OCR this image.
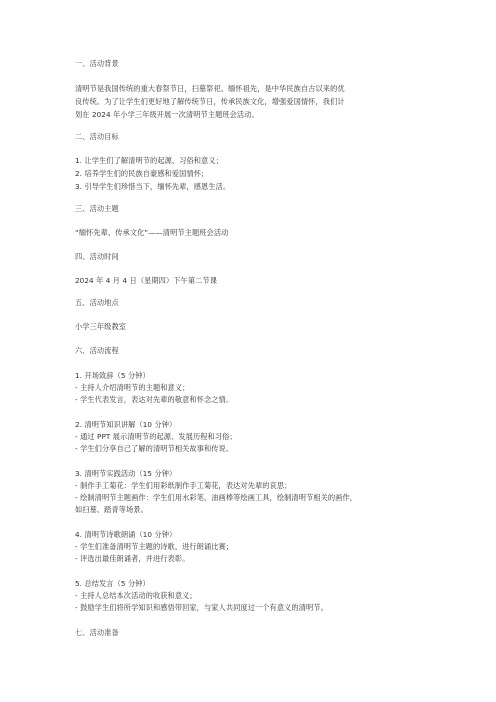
一、活动背景
清明节是我国传统的重大春祭节日，扫墓祭祀、缅怀祖先，是中华民族自古以来的优
良传统。为了让学生们更好地了解传统节日，传承民族文化，增强爱国情怀，我们计
划在 2024 年小学三年级开展一次清明节主题班会活动。
二、活动目标
1. 让学生们了解清明节的起源、习俗和意义；
2. 培养学生们的民族自豪感和爱国情怀；
3. 引导学生们珍惜当下，缅怀先辈，感恩生活。
三、活动主题
“缅怀先辈，传承文化”——清明节主题班会活动
四、活动时间
2024 年 4 月 4 日（星期四）下午第二节课
五、活动地点
小学三年级教室
六、活动流程
1. 开场致辞（5 分钟）
- 主持人介绍清明节的主题和意义；
- 学生代表发言，表达对先辈的敬意和怀念之情。
2. 清明节知识讲解（10 分钟）
- 通过 PPT 展示清明节的起源、发展历程和习俗；
- 学生们分享自己了解的清明节相关故事和传说。
3. 清明节实践活动（15 分钟）
- 制作手工菊花：学生们用彩纸制作手工菊花，表达对先辈的哀思；
- 绘制清明节主题画作：学生们用水彩笔、油画棒等绘画工具，绘制清明节相关的画作，
如扫墓、踏青等场景。
4. 清明节诗歌朗诵（10 分钟）
- 学生们准备清明节主题的诗歌，进行朗诵比赛；
- 评选出最佳朗诵者，并进行表彰。
5. 总结发言（5 分钟）
- 主持人总结本次活动的收获和意义；
- 鼓励学生们将所学知识和感悟带回家，与家人共同度过一个有意义的清明节。
七、活动准备
